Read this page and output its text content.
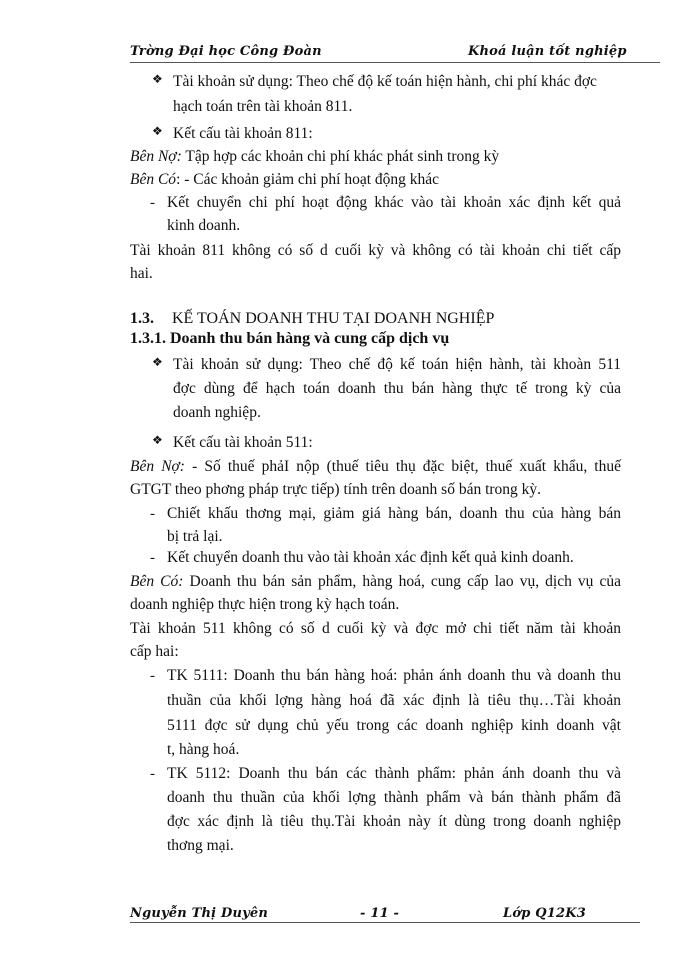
Trờng Đại học Công Đoàn	Khoá luận tốt nghiệp
❖ Tài khoản sử dụng: Theo chế độ kế toán hiện hành, chi phí khác đợc
hạch toán trên tài khoản 811.
❖ Kết cấu tài khoản 811:
Bên Nợ: Tập hợp các khoản chi phí khác phát sinh trong kỳ
Bên Có: - Các khoản giảm chi phí hoạt động khác
- Kết chuyển chi phí hoạt động khác vào tài khoản xác định kết quả
kinh doanh.
Tài khoản 811 không có số d cuối kỳ và không có tài khoản chi tiết cấp
hai.
1.3. KẾ TOÁN DOANH THU TẠI DOANH NGHIỆP
1.3.1. Doanh thu bán hàng và cung cấp dịch vụ
❖ Tài khoản sử dụng: Theo chế độ kế toán hiện hành, tài khoàn 511
đợc dùng để hạch toán doanh thu bán hàng thực tế trong kỳ của
doanh nghiệp.
❖ Kết cấu tài khoản 511:
Bên Nợ: - Số thuế phảI nộp (thuế tiêu thụ đặc biệt, thuế xuất khẩu, thuế
GTGT theo phơng pháp trực tiếp) tính trên doanh số bán trong kỳ.
- Chiết khấu thơng mại, giảm giá hàng bán, doanh thu của hàng bán
bị trả lại.
- Kết chuyển doanh thu vào tài khoản xác định kết quả kinh doanh.
Bên Có: Doanh thu bán sản phẩm, hàng hoá, cung cấp lao vụ, dịch vụ của
doanh nghiệp thực hiện trong kỳ hạch toán.
Tài khoản 511 không có số d cuối kỳ và đợc mở chi tiết năm tài khoản
cấp hai:
- TK 5111: Doanh thu bán hàng hoá: phản ánh doanh thu và doanh thu
thuần của khối lợng hàng hoá đã xác định là tiêu thụ…Tài khoản
5111 đợc sử dụng chủ yếu trong các doanh nghiệp kinh doanh vật
t, hàng hoá.
- TK 5112: Doanh thu bán các thành phẩm: phản ánh doanh thu và
doanh thu thuần của khối lợng thành phẩm và bán thành phẩm đã
đợc xác định là tiêu thụ.Tài khoản này ít dùng trong doanh nghiệp
thơng mại.
Nguyễn Thị Duyên	- 11 -	Lớp Q12K3
